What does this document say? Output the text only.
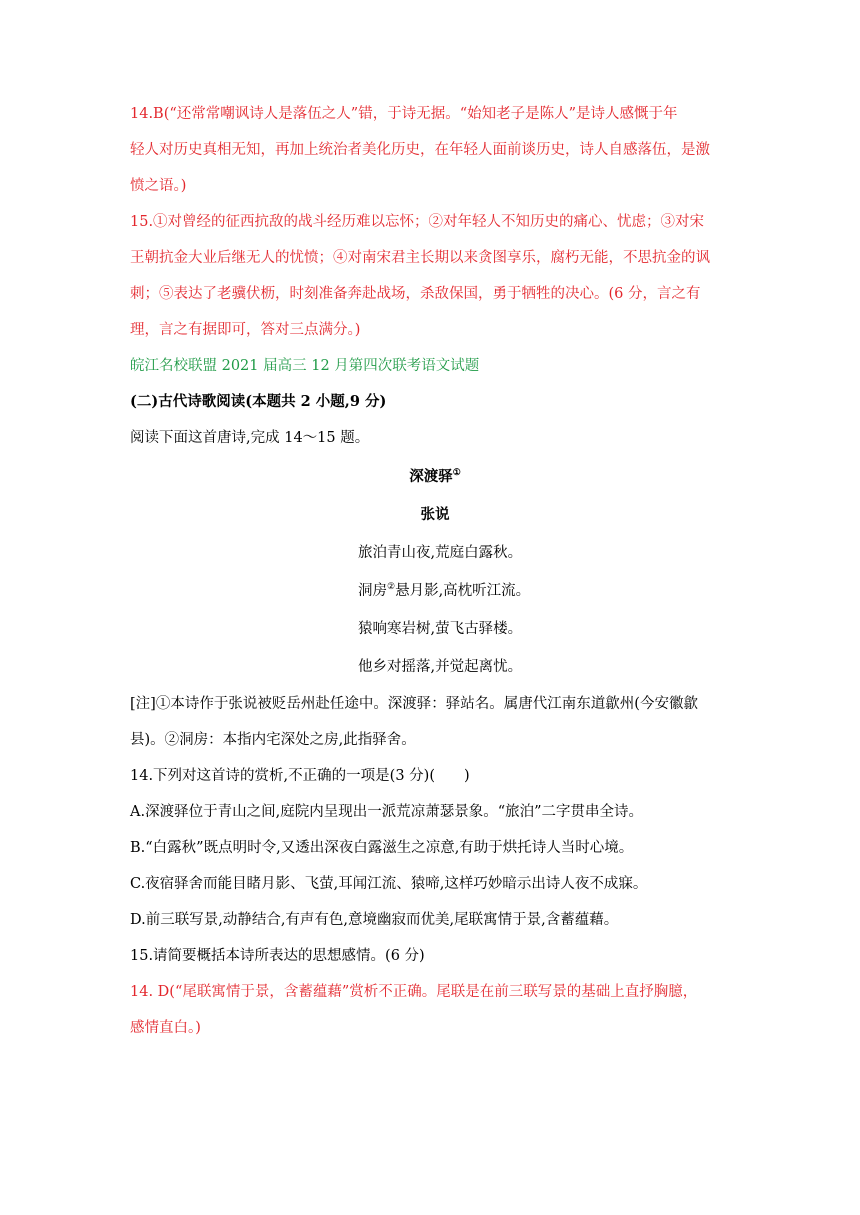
14.B(“还常常嘲讽诗人是落伍之人”错，于诗无据。“始知老子是陈人”是诗人感慨于年
轻人对历史真相无知，再加上统治者美化历史，在年轻人面前谈历史，诗人自感落伍，是激
愤之语。)

15.①对曾经的征西抗敌的战斗经历难以忘怀；②对年轻人不知历史的痛心、忧虑；③对宋
王朝抗金大业后继无人的忧愤；④对南宋君主长期以来贪图享乐，腐朽无能，不思抗金的讽
刺；⑤表达了老骥伏枥，时刻准备奔赴战场，杀敌保国，勇于牺牲的决心。(6 分，言之有
理，言之有据即可，答对三点满分。)

皖江名校联盟 2021 届高三 12 月第四次联考语文试题

(二)古代诗歌阅读(本题共 2 小题,9 分)

阅读下面这首唐诗,完成 14～15 题。

深渡驿①

张说

旅泊青山夜,荒庭白露秋。

洞房②悬月影,高枕听江流。

猿响寒岩树,萤飞古驿楼。

他乡对摇落,并觉起离忧。

[注]①本诗作于张说被贬岳州赴任途中。深渡驿：驿站名。属唐代江南东道歙州(今安徽歙
县)。②洞房：本指内宅深处之房,此指驿舍。

14.下列对这首诗的赏析,不正确的一项是(3 分)(　　)

A.深渡驿位于青山之间,庭院内呈现出一派荒凉萧瑟景象。“旅泊”二字贯串全诗。

B.“白露秋”既点明时令,又透出深夜白露滋生之凉意,有助于烘托诗人当时心境。

C.夜宿驿舍而能目睹月影、飞萤,耳闻江流、猿啼,这样巧妙暗示出诗人夜不成寐。

D.前三联写景,动静结合,有声有色,意境幽寂而优美,尾联寓情于景,含蓄蕴藉。

15.请简要概括本诗所表达的思想感情。(6 分)

14. D(“尾联寓情于景，含蓄蕴藉”赏析不正确。尾联是在前三联写景的基础上直抒胸臆，
感情直白。)
